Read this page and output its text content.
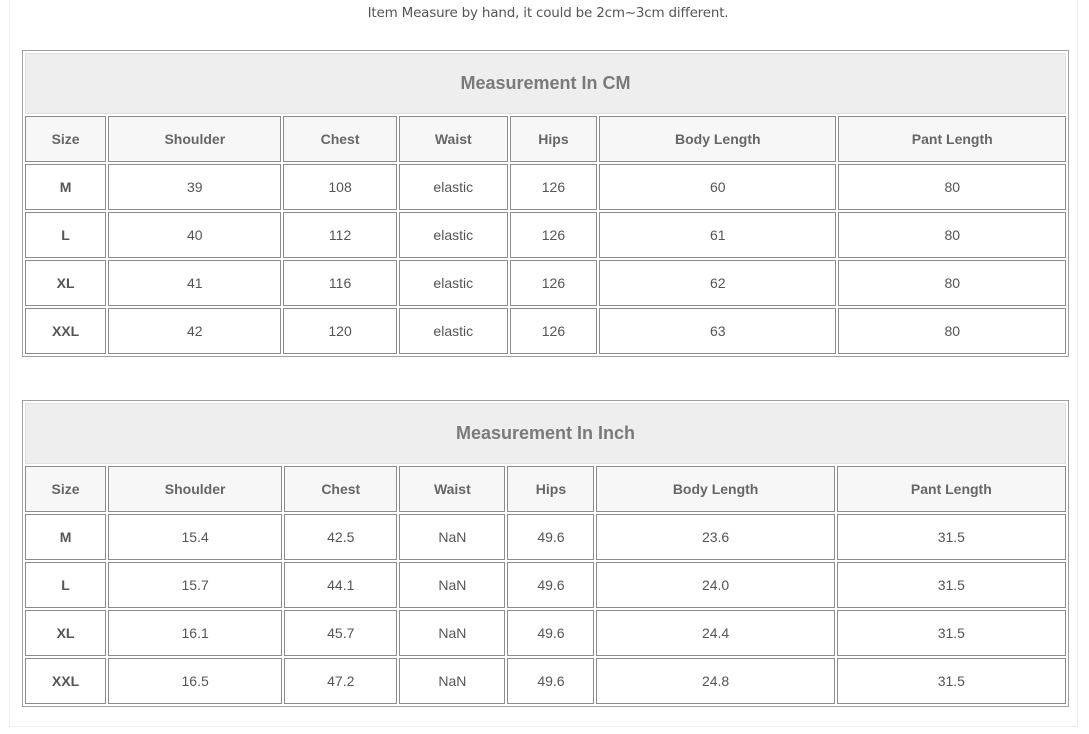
Item Measure by hand, it could be 2cm~3cm different.
Measurement In CM						
Size	Shoulder	Chest	Waist	Hips	Body Length	Pant Length
M	39	108	elastic	126	60	80
L	40	112	elastic	126	61	80
XL	41	116	elastic	126	62	80
XXL	42	120	elastic	126	63	80
Measurement In Inch						
Size	Shoulder	Chest	Waist	Hips	Body Length	Pant Length
M	15.4	42.5	NaN	49.6	23.6	31.5
L	15.7	44.1	NaN	49.6	24.0	31.5
XL	16.1	45.7	NaN	49.6	24.4	31.5
XXL	16.5	47.2	NaN	49.6	24.8	31.5
